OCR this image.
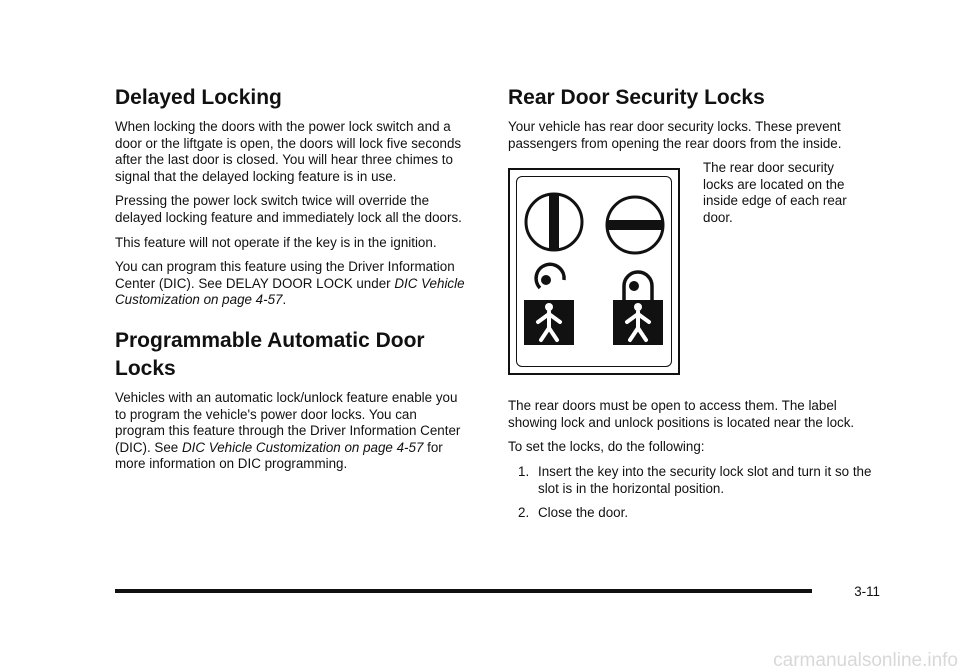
Delayed Locking

When locking the doors with the power lock switch and a door or the liftgate is open, the doors will lock five seconds after the last door is closed. You will hear three chimes to signal that the delayed locking feature is in use.

Pressing the power lock switch twice will override the delayed locking feature and immediately lock all the doors.

This feature will not operate if the key is in the ignition.

You can program this feature using the Driver Information Center (DIC). See DELAY DOOR LOCK under DIC Vehicle Customization on page 4-57.

Programmable Automatic Door Locks

Vehicles with an automatic lock/unlock feature enable you to program the vehicle's power door locks. You can program this feature through the Driver Information Center (DIC). See DIC Vehicle Customization on page 4-57 for more information on DIC programming.

Rear Door Security Locks

Your vehicle has rear door security locks. These prevent passengers from opening the rear doors from the inside.

The rear door security locks are located on the inside edge of each rear door.

The rear doors must be open to access them. The label showing lock and unlock positions is located near the lock.

To set the locks, do the following:

1. Insert the key into the security lock slot and turn it so the slot is in the horizontal position.
2. Close the door.
3-11
carmanualsonline.info
